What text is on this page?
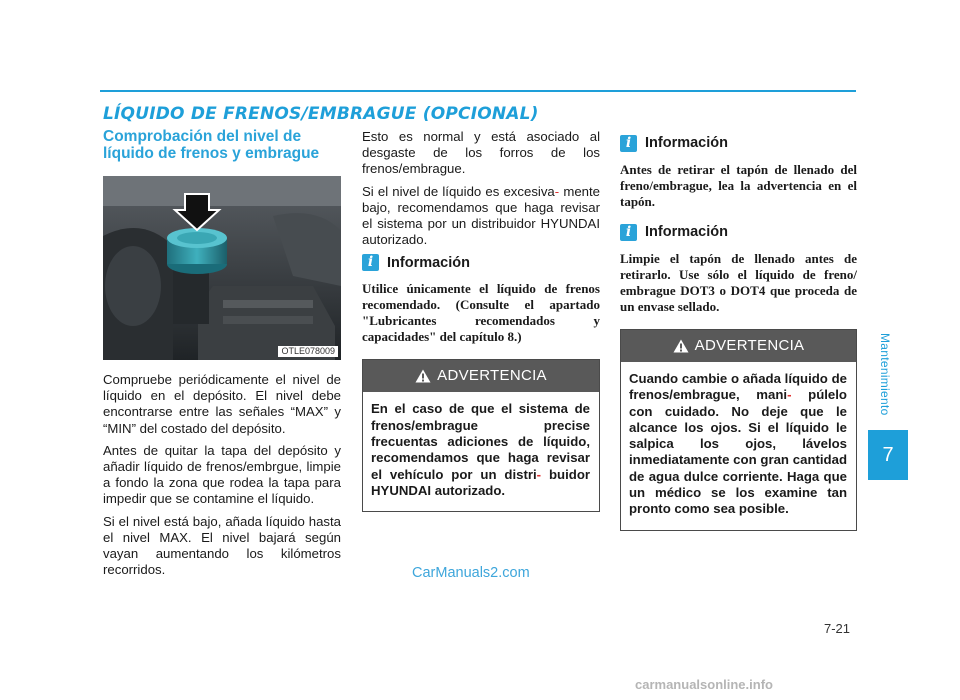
LÍQUIDO DE FRENOS/EMBRAGUE (OPCIONAL)
Comprobación del nivel de líquido de frenos y embrague
OTLE078009

Compruebe periódicamente el nivel de líquido en el depósito. El nivel debe encontrarse entre las señales “MAX” y “MIN” del costado del depósito.

Antes de quitar la tapa del depósito y añadir líquido de frenos/embrgue, limpie a fondo la zona que rodea la tapa para impedir que se contamine el líquido.

Si el nivel está bajo, añada líquido hasta el nivel MAX. El nivel bajará según vayan aumentando los kilómetros recorridos.

Esto es normal y está asociado al desgaste de los forros de los frenos/embrague.

Si el nivel de líquido es excesiva- mente bajo, recomendamos que haga revisar el sistema por un distribuidor HYUNDAI autorizado.

i Información
Utilice únicamente el líquido de frenos recomendado. (Consulte el apartado "Lubricantes recomendados y capacidades" del capítulo 8.)
ADVERTENCIA
En el caso de que el sistema de frenos/embrague precise frecuentas adiciones de líquido, recomendamos que haga revisar el vehículo por un distri- buidor HYUNDAI autorizado.
i Información
Antes de retirar el tapón de llenado del freno/embrague, lea la advertencia en el tapón.
i Información
Limpie el tapón de llenado antes de retirarlo. Use sólo el líquido de freno/ embrague DOT3 o DOT4 que proceda de un envase sellado.
ADVERTENCIA
Cuando cambie o añada líquido de frenos/embrague, mani- púlelo con cuidado. No deje que le alcance los ojos. Si el líquido le salpica los ojos, lávelos inmediatamente con gran cantidad de agua dulce corriente. Haga que un médico se los examine tan pronto como sea posible.
Mantenimiento
7
7-21
CarManuals2.com
carmanualsonline.info
